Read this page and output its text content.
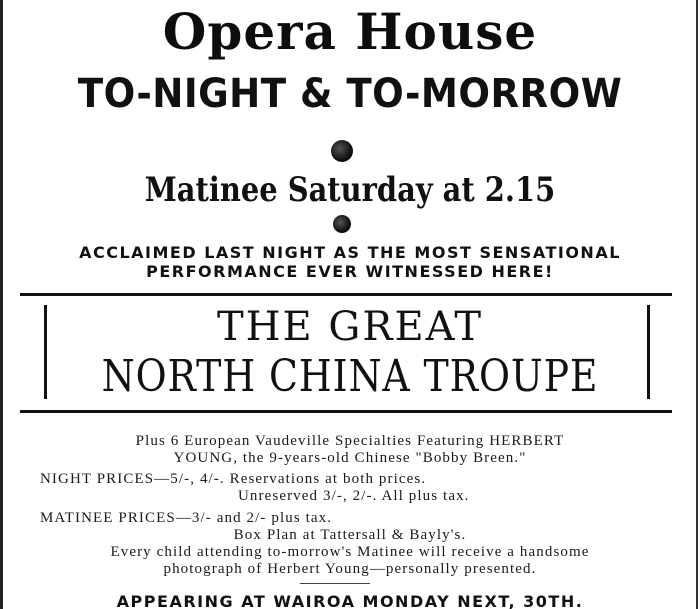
Opera House
TO-NIGHT & TO-MORROW
Matinee Saturday at 2.15
ACCLAIMED LAST NIGHT AS THE MOST SENSATIONAL
PERFORMANCE EVER WITNESSED HERE!
THE GREAT
NORTH CHINA TROUPE
Plus 6 European Vaudeville Specialties Featuring HERBERT
YOUNG, the 9-years-old Chinese "Bobby Breen."
NIGHT PRICES—5/-, 4/-. Reservations at both prices.
Unreserved 3/-, 2/-. All plus tax.
MATINEE PRICES—3/- and 2/- plus tax.
Box Plan at Tattersall & Bayly's.
Every child attending to-morrow's Matinee will receive a handsome
photograph of Herbert Young—personally presented.
APPEARING AT WAIROA MONDAY NEXT, 30TH.
